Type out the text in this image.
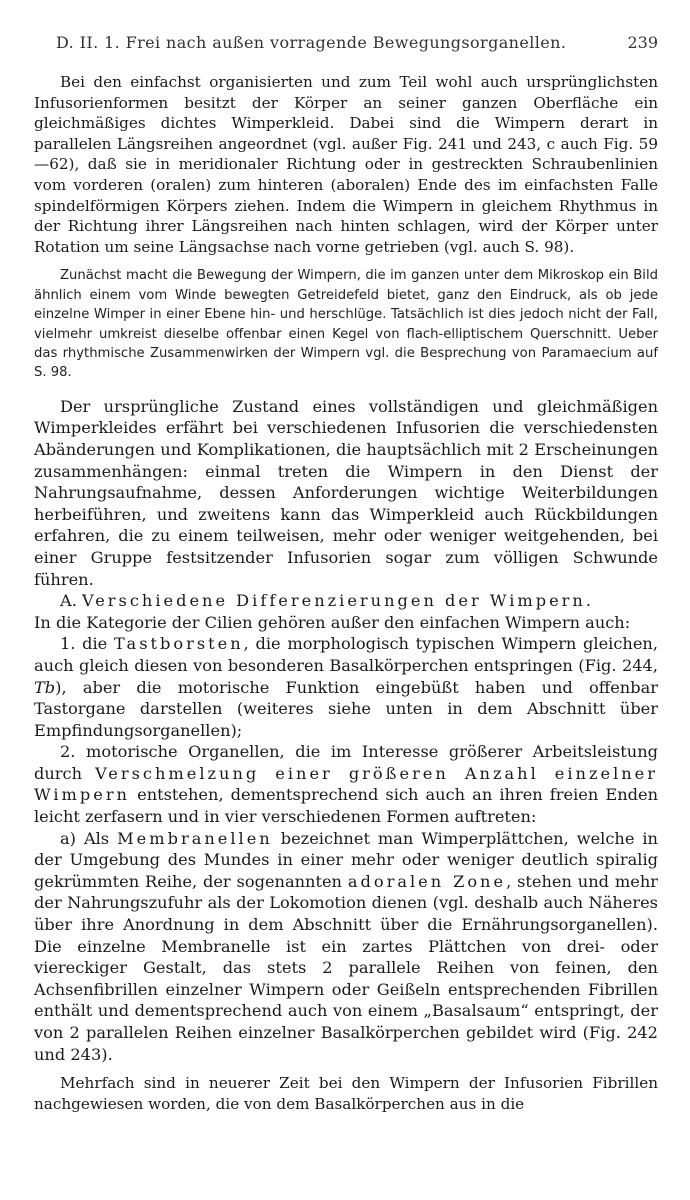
D. II. 1. Frei nach außen vorragende Bewegungsorganellen.	239

Bei den einfachst organisierten und zum Teil wohl auch ursprünglichsten Infusorienformen besitzt der Körper an seiner ganzen Oberfläche ein gleichmäßiges dichtes Wimperkleid. Dabei sind die Wimpern derart in parallelen Längsreihen angeordnet (vgl. außer Fig. 241 und 243, c auch Fig. 59—62), daß sie in meridionaler Richtung oder in gestreckten Schraubenlinien vom vorderen (oralen) zum hinteren (aboralen) Ende des im einfachsten Falle spindelförmigen Körpers ziehen. Indem die Wimpern in gleichem Rhythmus in der Richtung ihrer Längsreihen nach hinten schlagen, wird der Körper unter Rotation um seine Längsachse nach vorne getrieben (vgl. auch S. 98).

Zunächst macht die Bewegung der Wimpern, die im ganzen unter dem Mikroskop ein Bild ähnlich einem vom Winde bewegten Getreidefeld bietet, ganz den Eindruck, als ob jede einzelne Wimper in einer Ebene hin- und herschlüge. Tatsächlich ist dies jedoch nicht der Fall, vielmehr umkreist dieselbe offenbar einen Kegel von flach-elliptischem Querschnitt. Ueber das rhythmische Zusammenwirken der Wimpern vgl. die Besprechung von Paramaecium auf S. 98.

Der ursprüngliche Zustand eines vollständigen und gleichmäßigen Wimperkleides erfährt bei verschiedenen Infusorien die verschiedensten Abänderungen und Komplikationen, die hauptsächlich mit 2 Erscheinungen zusammenhängen: einmal treten die Wimpern in den Dienst der Nahrungsaufnahme, dessen Anforderungen wichtige Weiterbildungen herbeiführen, und zweitens kann das Wimperkleid auch Rückbildungen erfahren, die zu einem teilweisen, mehr oder weniger weitgehenden, bei einer Gruppe festsitzender Infusorien sogar zum völligen Schwunde führen.

A. Verschiedene Differenzierungen der Wimpern.

In die Kategorie der Cilien gehören außer den einfachen Wimpern auch:

1. die Tastborsten, die morphologisch typischen Wimpern gleichen, auch gleich diesen von besonderen Basalkörperchen entspringen (Fig. 244, Tb), aber die motorische Funktion eingebüßt haben und offenbar Tastorgane darstellen (weiteres siehe unten in dem Abschnitt über Empfindungsorganellen);

2. motorische Organellen, die im Interesse größerer Arbeitsleistung durch Verschmelzung einer größeren Anzahl einzelner Wimpern entstehen, dementsprechend sich auch an ihren freien Enden leicht zerfasern und in vier verschiedenen Formen auftreten:

a) Als Membranellen bezeichnet man Wimperplättchen, welche in der Umgebung des Mundes in einer mehr oder weniger deutlich spiralig gekrümmten Reihe, der sogenannten adoralen Zone, stehen und mehr der Nahrungszufuhr als der Lokomotion dienen (vgl. deshalb auch Näheres über ihre Anordnung in dem Abschnitt über die Ernährungsorganellen). Die einzelne Membranelle ist ein zartes Plättchen von drei- oder viereckiger Gestalt, das stets 2 parallele Reihen von feinen, den Achsenfibrillen einzelner Wimpern oder Geißeln entsprechenden Fibrillen enthält und dementsprechend auch von einem „Basalsaum“ entspringt, der von 2 parallelen Reihen einzelner Basalkörperchen gebildet wird (Fig. 242 und 243).

Mehrfach sind in neuerer Zeit bei den Wimpern der Infusorien Fibrillen nachgewiesen worden, die von dem Basalkörperchen aus in die
